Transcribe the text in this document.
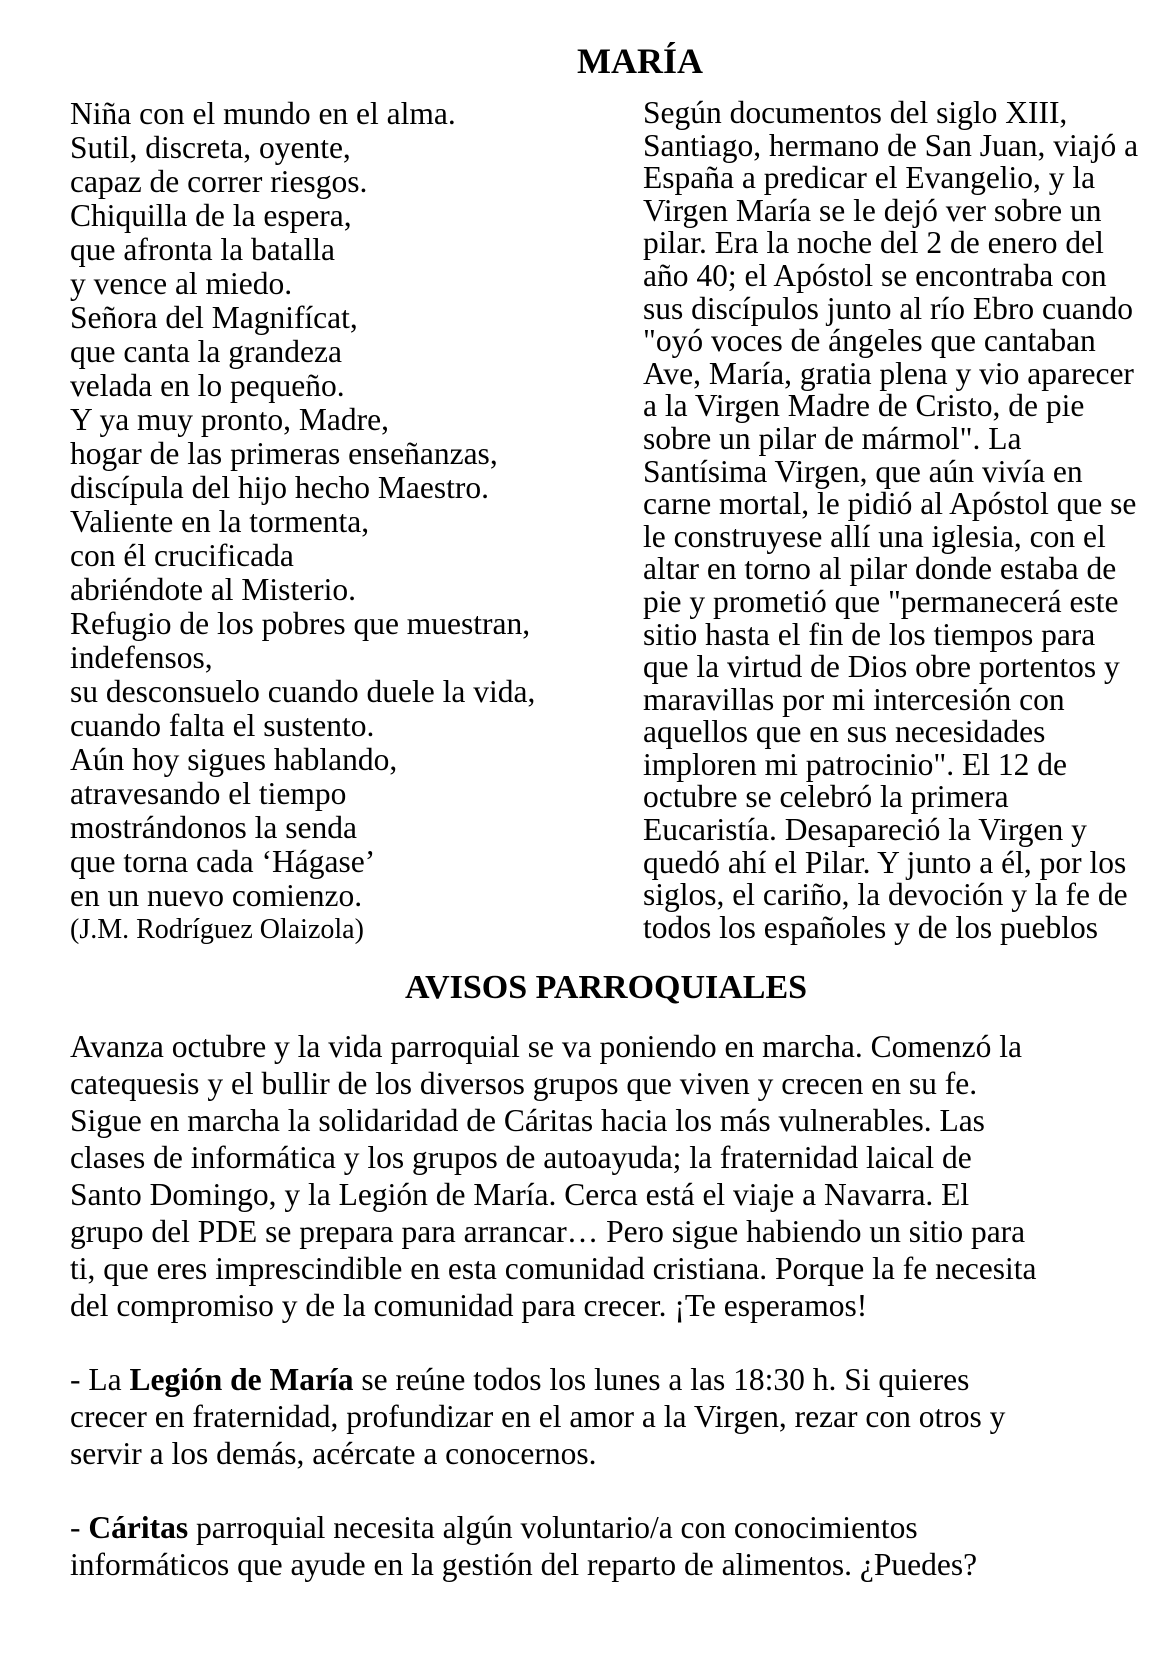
MARÍA
Niña con el mundo en el alma.
Sutil, discreta, oyente,
capaz de correr riesgos.
Chiquilla de la espera,
que afronta la batalla
y vence al miedo.
Señora del Magnifícat,
que canta la grandeza
velada en lo pequeño.
Y ya muy pronto, Madre,
hogar de las primeras enseñanzas,
discípula del hijo hecho Maestro.
Valiente en la tormenta,
con él crucificada
abriéndote al Misterio.
Refugio de los pobres que muestran,
indefensos,
su desconsuelo cuando duele la vida,
cuando falta el sustento.
Aún hoy sigues hablando,
atravesando el tiempo
mostrándonos la senda
que torna cada ‘Hágase’
en un nuevo comienzo.
(J.M. Rodríguez Olaizola)
Según documentos del siglo XIII,
Santiago, hermano de San Juan, viajó a
España a predicar el Evangelio, y la
Virgen María se le dejó ver sobre un
pilar. Era la noche del 2 de enero del
año 40; el Apóstol se encontraba con
sus discípulos junto al río Ebro cuando
"oyó voces de ángeles que cantaban
Ave, María, gratia plena y vio aparecer
a la Virgen Madre de Cristo, de pie
sobre un pilar de mármol". La
Santísima Virgen, que aún vivía en
carne mortal, le pidió al Apóstol que se
le construyese allí una iglesia, con el
altar en torno al pilar donde estaba de
pie y prometió que "permanecerá este
sitio hasta el fin de los tiempos para
que la virtud de Dios obre portentos y
maravillas por mi intercesión con
aquellos que en sus necesidades
imploren mi patrocinio". El 12 de
octubre se celebró la primera
Eucaristía. Desapareció la Virgen y
quedó ahí el Pilar. Y junto a él, por los
siglos, el cariño, la devoción y la fe de
todos los españoles y de los pueblos
AVISOS PARROQUIALES
Avanza octubre y la vida parroquial se va poniendo en marcha. Comenzó la
catequesis y el bullir de los diversos grupos que viven y crecen en su fe.
Sigue en marcha la solidaridad de Cáritas hacia los más vulnerables. Las
clases de informática y los grupos de autoayuda; la fraternidad laical de
Santo Domingo, y la Legión de María. Cerca está el viaje a Navarra. El
grupo del PDE se prepara para arrancar… Pero sigue habiendo un sitio para
ti, que eres imprescindible en esta comunidad cristiana. Porque la fe necesita
del compromiso y de la comunidad para crecer. ¡Te esperamos!
- La Legión de María se reúne todos los lunes a las 18:30 h. Si quieres
crecer en fraternidad, profundizar en el amor a la Virgen, rezar con otros y
servir a los demás, acércate a conocernos.
- Cáritas parroquial necesita algún voluntario/a con conocimientos
informáticos que ayude en la gestión del reparto de alimentos. ¿Puedes?
